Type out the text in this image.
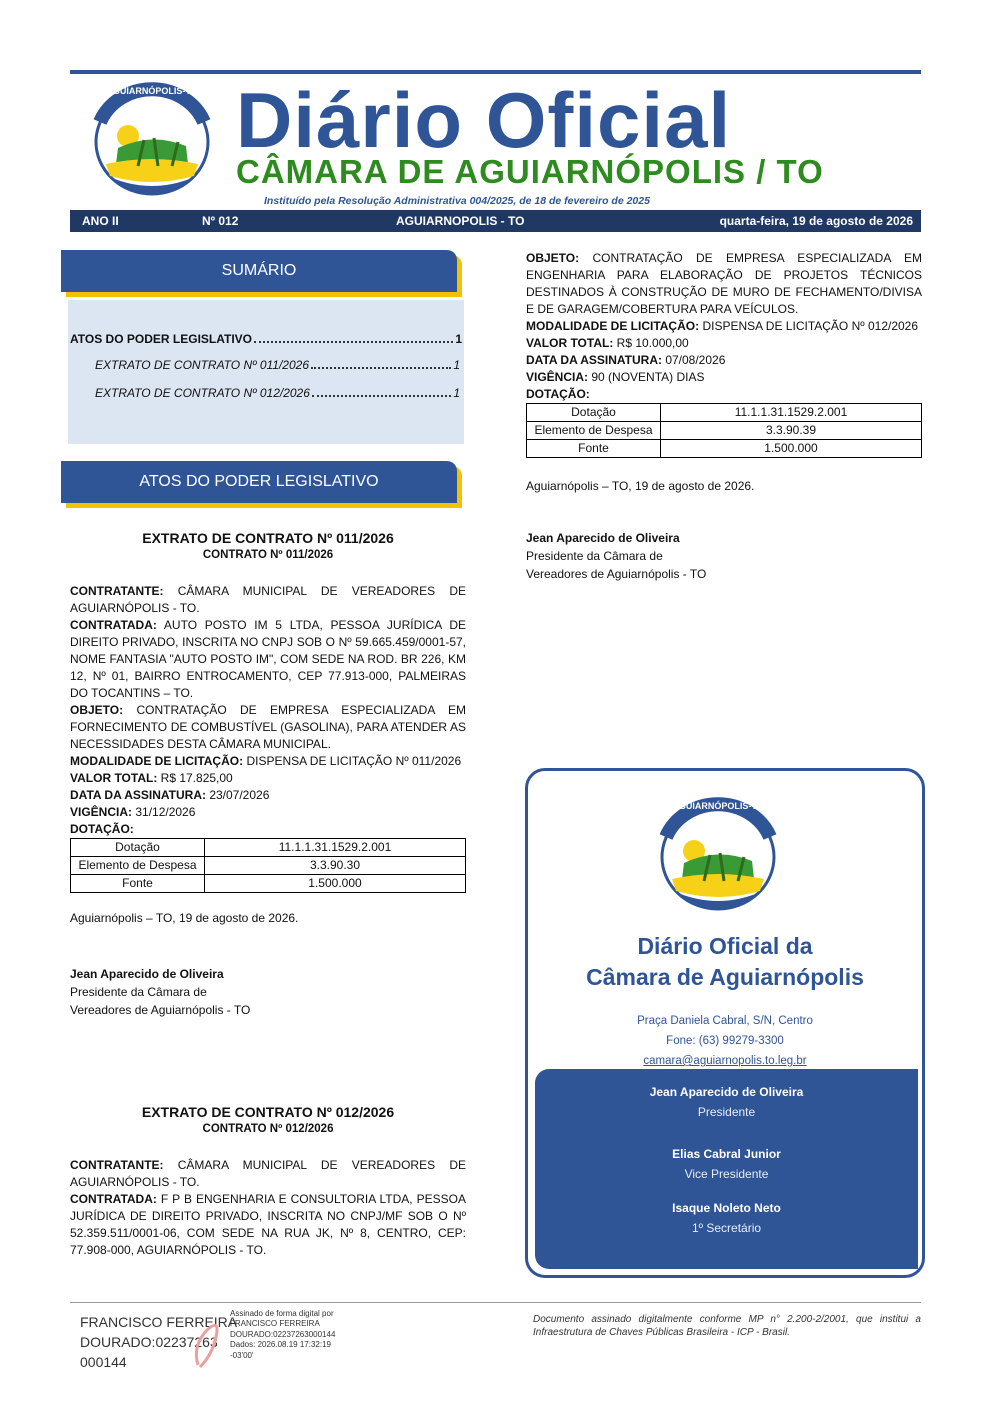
AGUIARNÓPOLIS-TO Diário Oficial
CÂMARA DE AGUIARNÓPOLIS / TO
Instituído pela Resolução Administrativa 004/2025, de 18 de fevereiro de 2025
ANO II	Nº 012	AGUIARNOPOLIS - TO	quarta-feira, 19 de agosto de 2026
SUMÁRIO
ATOS DO PODER LEGISLATIVO	1
EXTRATO DE CONTRATO Nº 011/2026	1
EXTRATO DE CONTRATO Nº 012/2026	1
ATOS DO PODER LEGISLATIVO

EXTRATO DE CONTRATO Nº 011/2026

CONTRATO Nº 011/2026

CONTRATANTE: CÂMARA MUNICIPAL DE VEREADORES DE AGUIARNÓPOLIS - TO.

CONTRATADA: AUTO POSTO IM 5 LTDA, PESSOA JURÍDICA DE DIREITO PRIVADO, INSCRITA NO CNPJ SOB O Nº 59.665.459/0001-57, NOME FANTASIA "AUTO POSTO IM", COM SEDE NA ROD. BR 226, KM 12, Nº 01, BAIRRO ENTROCAMENTO, CEP 77.913-000, PALMEIRAS DO TOCANTINS – TO.

OBJETO: CONTRATAÇÃO DE EMPRESA ESPECIALIZADA EM FORNECIMENTO DE COMBUSTÍVEL (GASOLINA), PARA ATENDER AS NECESSIDADES DESTA CÂMARA MUNICIPAL.

MODALIDADE DE LICITAÇÃO: DISPENSA DE LICITAÇÃO Nº 011/2026

VALOR TOTAL: R$ 17.825,00

DATA DA ASSINATURA: 23/07/2026

VIGÊNCIA: 31/12/2026

DOTAÇÃO:

Dotação	11.1.1.31.1529.2.001
Elemento de Despesa	3.3.90.30
Fonte	1.500.000

Aguiarnópolis – TO, 19 de agosto de 2026.

Jean Aparecido de Oliveira

Presidente da Câmara de

Vereadores de Aguiarnópolis - TO

EXTRATO DE CONTRATO Nº 012/2026

CONTRATO Nº 012/2026

CONTRATANTE: CÂMARA MUNICIPAL DE VEREADORES DE AGUIARNÓPOLIS - TO.

CONTRATADA: F P B ENGENHARIA E CONSULTORIA LTDA, PESSOA JURÍDICA DE DIREITO PRIVADO, INSCRITA NO CNPJ/MF SOB O Nº 52.359.511/0001-06, COM SEDE NA RUA JK, Nº 8, CENTRO, CEP: 77.908-000, AGUIARNÓPOLIS - TO.

OBJETO: CONTRATAÇÃO DE EMPRESA ESPECIALIZADA EM ENGENHARIA PARA ELABORAÇÃO DE PROJETOS TÉCNICOS DESTINADOS À CONSTRUÇÃO DE MURO DE FECHAMENTO/DIVISA E DE GARAGEM/COBERTURA PARA VEÍCULOS.

MODALIDADE DE LICITAÇÃO: DISPENSA DE LICITAÇÃO Nº 012/2026

VALOR TOTAL: R$ 10.000,00

DATA DA ASSINATURA: 07/08/2026

VIGÊNCIA: 90 (NOVENTA) DIAS

DOTAÇÃO:

Dotação	11.1.1.31.1529.2.001
Elemento de Despesa	3.3.90.39
Fonte	1.500.000

Aguiarnópolis – TO, 19 de agosto de 2026.

Jean Aparecido de Oliveira

Presidente da Câmara de

Vereadores de Aguiarnópolis - TO

AGUIARNÓPOLIS-TO
Diário Oficial da
Câmara de Aguiarnópolis
Praça Daniela Cabral, S/N, Centro
Fone: (63) 99279-3300
camara@aguiarnopolis.to.leg.br
Jean Aparecido de Oliveira
Presidente
Elias Cabral Junior
Vice Presidente
Isaque Noleto Neto
1º Secretário
FRANCISCO FERREIRA
DOURADO:02237263
000144
Assinado de forma digital por
FRANCISCO FERREIRA
DOURADO:02237263000144
Dados: 2026.08.19 17:32:19
-03'00'
Documento assinado digitalmente conforme MP n° 2.200-2/2001, que institui a Infraestrutura de Chaves Públicas Brasileira - ICP - Brasil.
